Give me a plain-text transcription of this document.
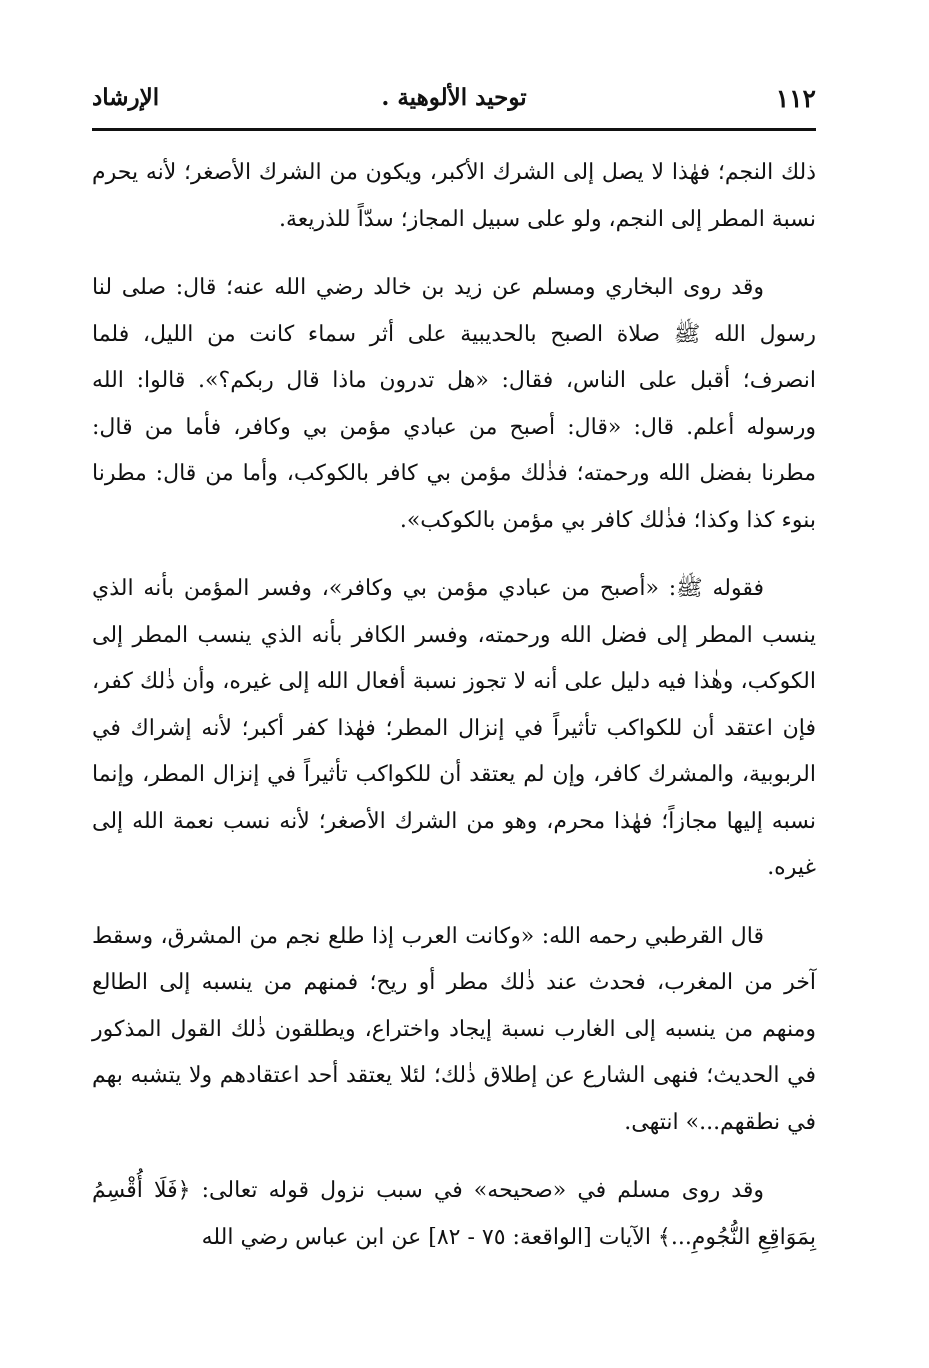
١١٢
توحيد الألوهية .
الإرشاد

ذلك النجم؛ فهٰذا لا يصل إلى الشرك الأكبر، ويكون من الشرك الأصغر؛ لأنه يحرم نسبة المطر إلى النجم، ولو على سبيل المجاز؛ سدّاً للذريعة.

وقد روى البخاري ومسلم عن زيد بن خالد رضي الله عنه؛ قال: صلى لنا رسول الله ﷺ صلاة الصبح بالحديبية على أثر سماء كانت من الليل، فلما انصرف؛ أقبل على الناس، فقال: «هل تدرون ماذا قال ربكم؟». قالوا: الله ورسوله أعلم. قال: «قال: أصبح من عبادي مؤمن بي وكافر، فأما من قال: مطرنا بفضل الله ورحمته؛ فذٰلك مؤمن بي كافر بالكوكب، وأما من قال: مطرنا بنوء كذا وكذا؛ فذٰلك كافر بي مؤمن بالكوكب».

فقوله ﷺ: «أصبح من عبادي مؤمن بي وكافر»، وفسر المؤمن بأنه الذي ينسب المطر إلى فضل الله ورحمته، وفسر الكافر بأنه الذي ينسب المطر إلى الكوكب، وهٰذا فيه دليل على أنه لا تجوز نسبة أفعال الله إلى غيره، وأن ذٰلك كفر، فإن اعتقد أن للكواكب تأثيراً في إنزال المطر؛ فهٰذا كفر أكبر؛ لأنه إشراك في الربوبية، والمشرك كافر، وإن لم يعتقد أن للكواكب تأثيراً في إنزال المطر، وإنما نسبه إليها مجازاً؛ فهٰذا محرم، وهو من الشرك الأصغر؛ لأنه نسب نعمة الله إلى غيره.

قال القرطبي رحمه الله: «وكانت العرب إذا طلع نجم من المشرق، وسقط آخر من المغرب، فحدث عند ذٰلك مطر أو ريح؛ فمنهم من ينسبه إلى الطالع ومنهم من ينسبه إلى الغارب نسبة إيجاد واختراع، ويطلقون ذٰلك القول المذكور في الحديث؛ فنهى الشارع عن إطلاق ذٰلك؛ لئلا يعتقد أحد اعتقادهم ولا يتشبه بهم في نطقهم...» انتهى.

وقد روى مسلم في «صحيحه» في سبب نزول قوله تعالى: ﴿فَلَا أُقْسِمُ بِمَوَاقِعِ النُّجُومِ...﴾ الآيات [الواقعة: ٧٥ - ٨٢] عن ابن عباس رضي الله
